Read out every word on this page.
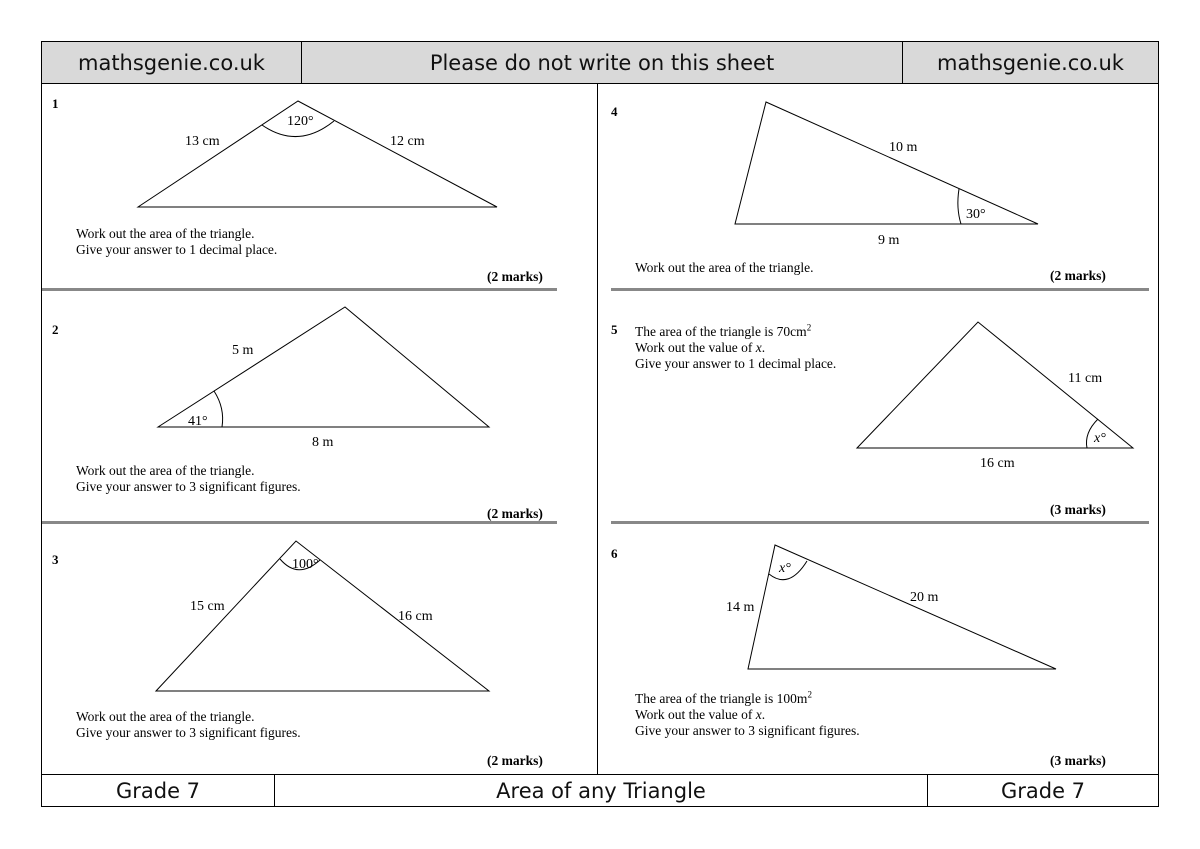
mathsgenie.co.uk	Please do not write on this sheet	mathsgenie.co.uk
Grade 7	Area of any Triangle	Grade 7
13 cm	12 cm
120°
5 m
8 m
41°
15 cm
16 cm
100°
10 m
9 m
30°
11 cm
16 cm
x°
14 m
20 m
x°
1
Work out the area of the triangle.
Give your answer to 1 decimal place.
(2 marks)
2
Work out the area of the triangle.
Give your answer to 3 significant figures.
(2 marks)
3
Work out the area of the triangle.
Give your answer to 3 significant figures.
(2 marks)
4
Work out the area of the triangle.
(2 marks)
5 The area of the triangle is $70cm^2$
Work out the value of x.
Give your answer to 1 decimal place.
(3 marks)
6
The area of the triangle is $100m^2$
Work out the value of x.
Give your answer to 3 significant figures.
(3 marks)
